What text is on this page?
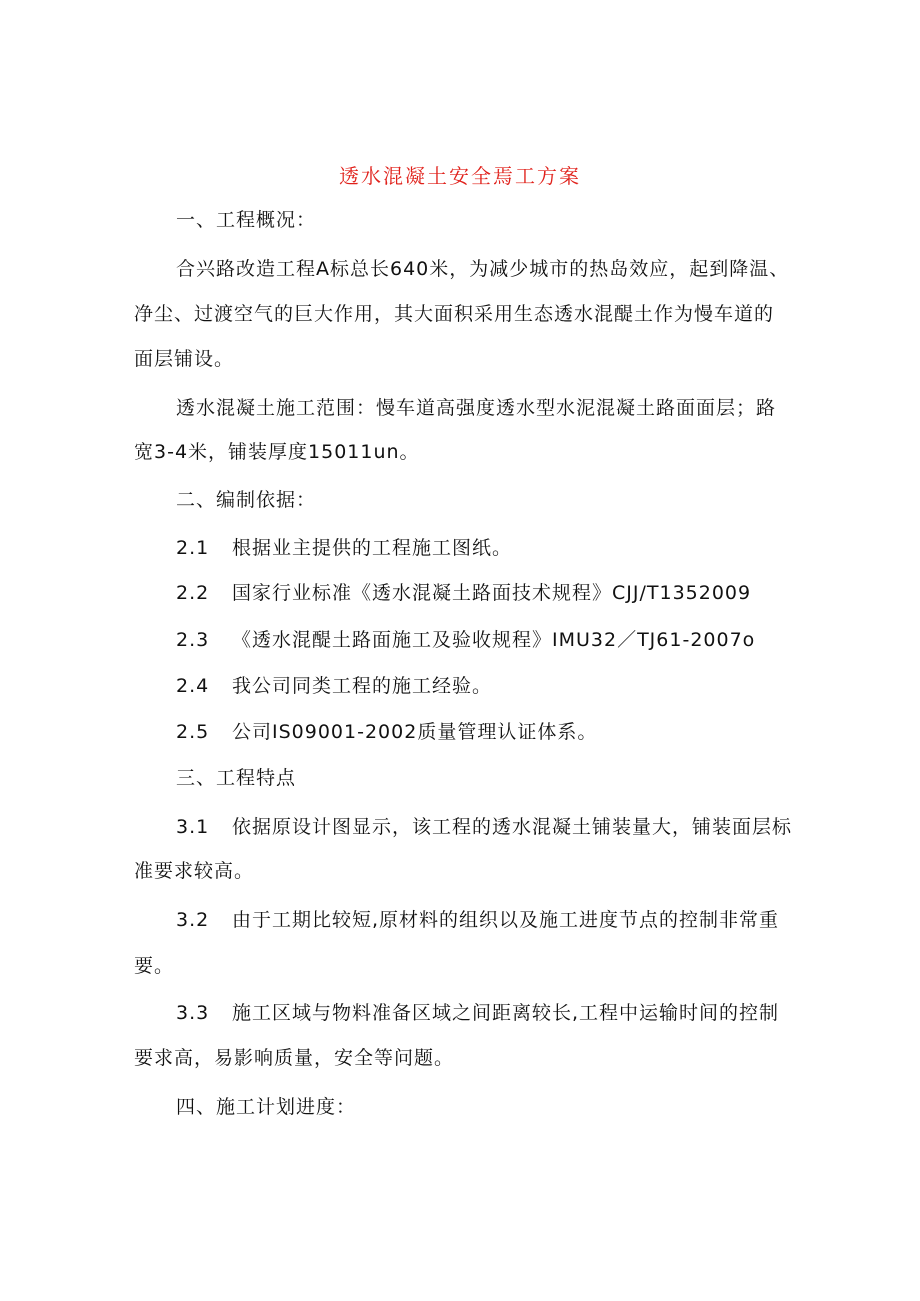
透水混凝土安全焉工方案
一、工程概况：
合兴路改造工程A标总长640米，为减少城市的热岛效应，起到降温、
净尘、过渡空气的巨大作用，其大面积采用生态透水混醍土作为慢车道的
面层铺设。
透水混凝土施工范围：慢车道高强度透水型水泥混凝土路面面层；路
宽3-4米，铺装厚度15011un。
二、编制依据：
2.1 根据业主提供的工程施工图纸。
2.2 国家行业标准《透水混凝土路面技术规程》CJJ/T1352009
2.3 《透水混醍土路面施工及验收规程》IMU32／TJ61-2007o
2.4 我公司同类工程的施工经验。
2.5 公司IS09001-2002质量管理认证体系。
三、工程特点
3.1 依据原设计图显示，该工程的透水混凝土铺装量大，铺装面层标
准要求较高。
3.2 由于工期比较短,原材料的组织以及施工进度节点的控制非常重
要。
3.3 施工区域与物料准备区域之间距离较长,工程中运输时间的控制
要求高，易影响质量，安全等问题。
四、施工计划进度：
